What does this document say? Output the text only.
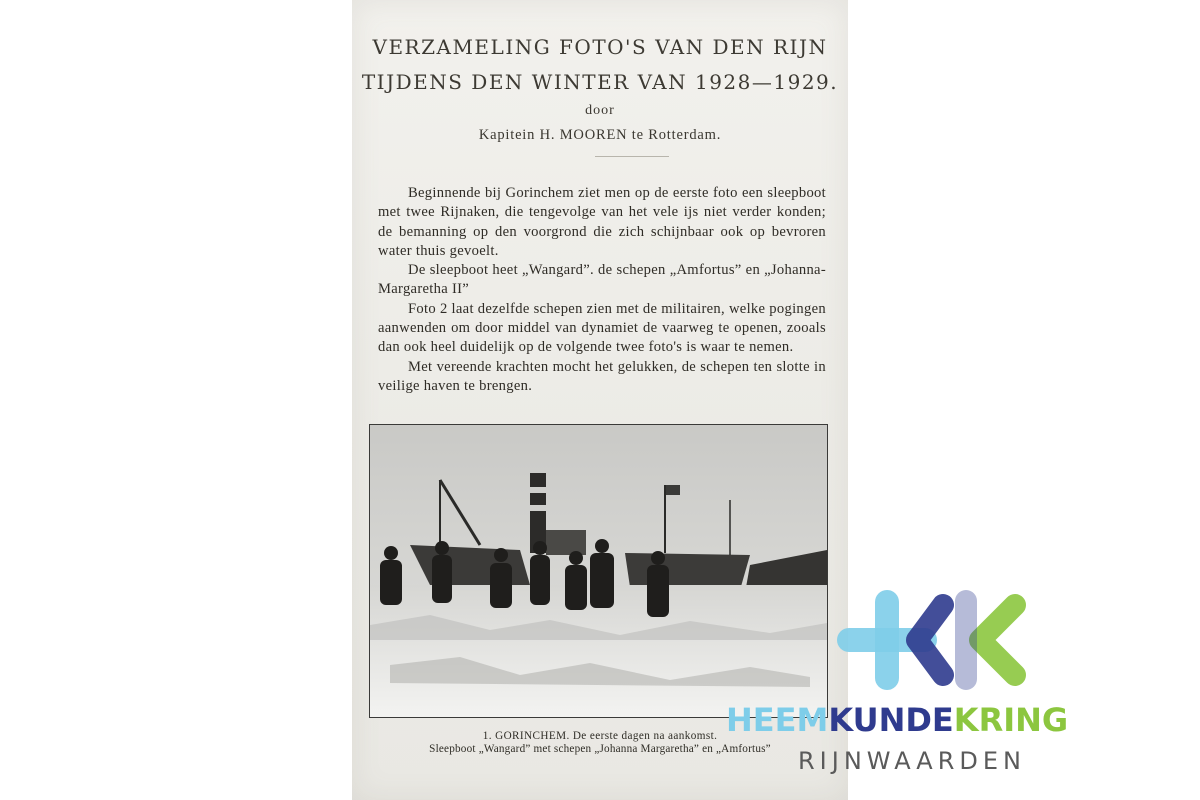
VERZAMELING FOTO'S VAN DEN RIJN
TIJDENS DEN WINTER VAN 1928—1929.
door
Kapitein H. MOOREN te Rotterdam.

Beginnende bij Gorinchem ziet men op de eerste foto een sleepboot met twee Rijnaken, die tengevolge van het vele ijs niet verder konden; de bemanning op den voorgrond die zich schijnbaar ook op bevroren water thuis gevoelt.

De sleepboot heet „Wangard”. de schepen „Amfortus” en „Johanna-Margaretha II”

Foto 2 laat dezelfde schepen zien met de militairen, welke pogingen aanwenden om door middel van dynamiet de vaarweg te openen, zooals dan ook heel duidelijk op de volgende twee foto's is waar te nemen.

Met vereende krachten mocht het gelukken, de schepen ten slotte in veilige haven te brengen.

1. GORINCHEM. De eerste dagen na aankomst.
Sleepboot „Wangard” met schepen „Johanna Margaretha” en „Amfortus”
HEEMKUNDEKRING
RIJNWAARDEN
